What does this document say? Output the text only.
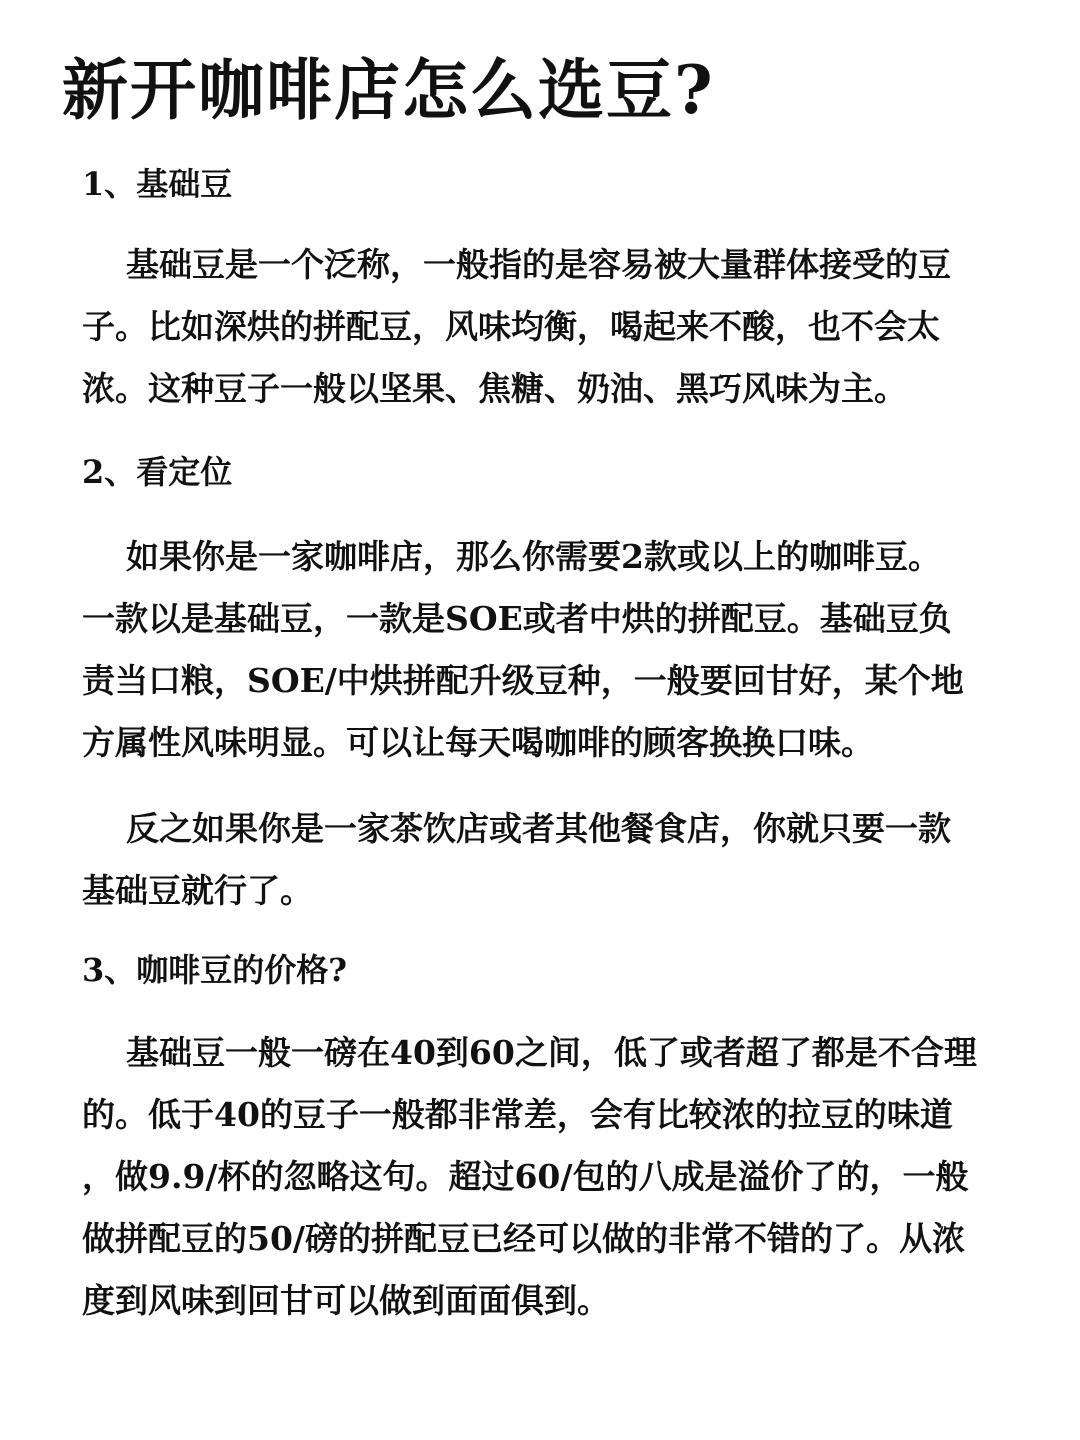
新开咖啡店怎么选豆?
1、基础豆
基础豆是一个泛称，一般指的是容易被大量群体接受的豆
子。比如深烘的拼配豆，风味均衡，喝起来不酸，也不会太
浓。这种豆子一般以坚果、焦糖、奶油、黑巧风味为主。
2、看定位
如果你是一家咖啡店，那么你需要2款或以上的咖啡豆。
一款以是基础豆，一款是SOE或者中烘的拼配豆。基础豆负
责当口粮，SOE/中烘拼配升级豆种，一般要回甘好，某个地
方属性风味明显。可以让每天喝咖啡的顾客换换口味。
反之如果你是一家茶饮店或者其他餐食店，你就只要一款
基础豆就行了。
3、咖啡豆的价格?
基础豆一般一磅在40到60之间，低了或者超了都是不合理
的。低于40的豆子一般都非常差，会有比较浓的拉豆的味道
，做9.9/杯的忽略这句。超过60/包的八成是溢价了的，一般
做拼配豆的50/磅的拼配豆已经可以做的非常不错的了。从浓
度到风味到回甘可以做到面面俱到。
